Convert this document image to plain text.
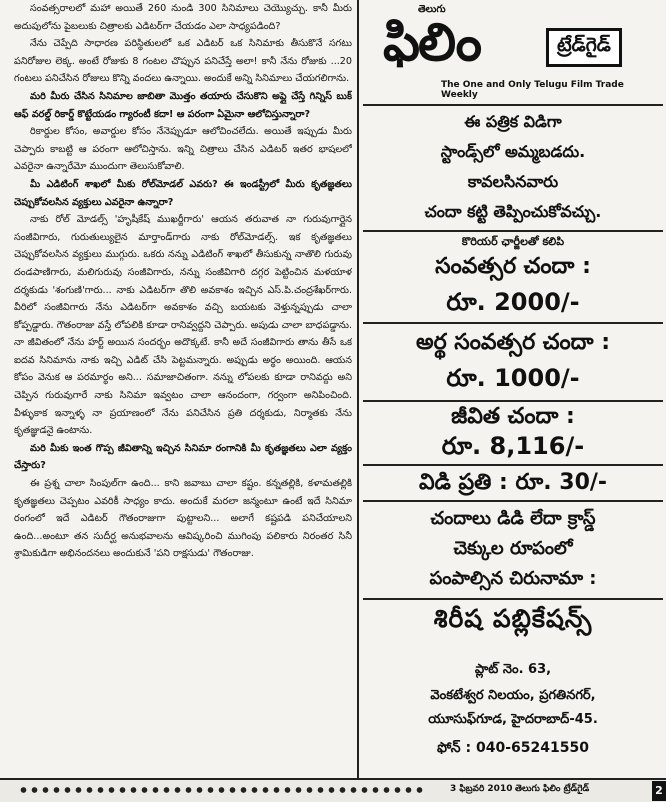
సంవత్సరాలలో మహా అయితే 260 నుండి 300 సినిమాలు చెయ్యొచ్చు. కానీ మీరు అదుపులోను పైబలుకు చిత్రాలకు ఎడిటర్‌గా చేయడం ఎలా సాధ్యపడింది?

నేను చెప్పేది సాధారణ పరిస్థితులలో ఒక ఎడిటర్ ఒక సినిమాకు తీసుకొనే సగటు పనిరోజుల లెక్క. అంటే రోజుకు 8 గంటల చొప్పున పనిచేస్తే అలా! కానీ నేను రోజుకు ...20 గంటలు పనిచేసిన రోజులు కొన్ని వందలు ఉన్నాయి. అందుకే అన్ని సినిమాలు చేయగలిగాను.

మరి మీరు చేసిన సినిమాల జాబితా మొత్తం తయారు చేసుకొని అప్లై చేస్తే గిన్నిస్ బుక్ ఆఫ్ వరల్డ్ రికార్డ్ కొట్టేయడం గ్యారంటీ కదా! ఆ పరంగా ఏమైనా ఆలోచిస్తున్నారా?

రికార్డుల కోసం, అవార్డుల కోసం నేనెప్పుడూ ఆలోచించలేదు. అయితే ఇప్పుడు మీరు చెప్పారు కాబట్టి ఆ పరంగా ఆలోచిస్తాను. ఇన్ని చిత్రాలు చేసిన ఎడిటర్ ఇతర భాషలలో ఎవరైనా ఉన్నారేమో ముందుగా తెలుసుకోవాలి.

మీ ఎడిటింగ్ శాఖలో మీకు రోల్‌మోడల్ ఎవరు? ఈ ఇండస్ట్రీలో మీరు కృతజ్ఞతలు చెప్పుకోవలసిన వ్యక్తులు ఎవరైనా ఉన్నారా?

నాకు రోల్ మోడల్స్ 'హృషీకేష్ ముఖర్జీగారు' ఆయన తరువాత నా గురువుగార్లైన సంజీవిగారు, గురుతుల్యులైన మార్తాండ్‌గారు నాకు రోల్‌మోడల్స్. ఇక కృతజ్ఞతలు చెప్పుకోవలసిన వ్యక్తులు ముగ్గురు. ఒకరు నన్ను ఎడిటింగ్ శాఖలో తీసుకున్న నాతొలి గురువు దండపాణిగారు, మలిగురువు సంజీవిగారు, నన్ను సంజీవిగారి దగ్గర పెట్టించిన మళయాళ దర్శకుడు 'శంగుణి'గారు... నాకు ఎడిటర్‌గా తొలి అవకాశం ఇచ్చిన ఎస్.పి.చంద్రశేఖర్‌గారు. వీరిలో సంజీవిగారు నేను ఎడిటర్‌గా అవకాశం వచ్చి బయటకు వెళ్తున్నప్పుడు చాలా కోప్పడ్డారు. గౌతంరాజు వస్తే లోపలికి కూడా రానివ్వద్దని చెప్పారు. అపుడు చాలా బాధపడ్డాను. నా జీవితంలో నేను హర్ట్ అయిన సందర్భం అదొక్కటే. కానీ అదే సంజీవిగారు తాను తీసే ఒక ఐదవ సినిమాను నాకు ఇచ్చి ఎడిట్ చేసి పెట్టమన్నారు. అప్పుడు అర్థం అయింది. ఆయన కోపం వెనుక ఆ పరమార్థం అని... సమాజాచితంగా. నన్ను లోపలకు కూడా రానివద్దు అని చెప్పిన గురువుగారే నాకు సినిమా ఇవ్వటం చాలా ఆనందంగా, గర్వంగా అనిపించింది. వీళ్ళుకాక ఇన్నాళ్ళ నా ప్రయాణంలో నేను పనిచేసిన ప్రతి దర్శకుడు, నిర్మాతకు నేను కృతజ్ఞుడనై ఉంటాను.

మరి మీకు ఇంత గొప్ప జీవితాన్ని ఇచ్చిన సినిమా రంగానికి మీ కృతజ్ఞతలు ఎలా వ్యక్తం చేస్తారు?

ఈ ప్రశ్న చాలా సింపుల్‌గా ఉంది... కాని జవాబు చాలా కష్టం. కన్నతల్లికి, కళామతల్లికి కృతజ్ఞతలు చెప్పటం ఎవరికీ సాధ్యం కాదు. అందుకే మరలా జన్మంటూ ఉంటే ఇదే సినిమా రంగంలో ఇదే ఎడిటర్ గౌతంరాజుగా పుట్టాలని... అలాగే కష్టపడి పనిచేయాలని ఉంది...అంటూ తన సుదీర్ఘ అనుభవాలను ఆవిష్కరించి ముగింపు పలికారు నిరంతర సినీ శ్రామికుడిగా అభినందనలు అందుకునే 'పని రాక్షసుడు' గౌతంరాజు.

తెలుగు
ఫిలిం	ట్రేడ్‌గైడ్
The One and Only Telugu Film Trade Weekly
ఈ పత్రిక విడిగా
స్టాండ్స్‌లో అమ్మబడదు.
కావలసినవారు
చందా కట్టి తెప్పించుకోవచ్చు.
కొరియర్ ఛార్జీలతో కలిపి
సంవత్సర చందా :
రూ. 2000/-
అర్థ సంవత్సర చందా :
రూ. 1000/-
జీవిత చందా :
రూ. 8,116/-
విడి ప్రతి : రూ. 30/-
చందాలు డిడి లేదా క్రాస్డ్
చెక్కుల రూపంలో
పంపాల్సిన చిరునామా :
శిరీష పబ్లికేషన్స్
ప్లాట్ నెం. 63,
వెంకటేశ్వర నిలయం, ప్రగతినగర్,
యూసుఫ్‌గూడ, హైదరాబాద్-45.
ఫోన్ : 040-65241550
3 ఫిబ్రవరి 2010 తెలుగు ఫిలిం ట్రేడ్‌గైడ్	2
